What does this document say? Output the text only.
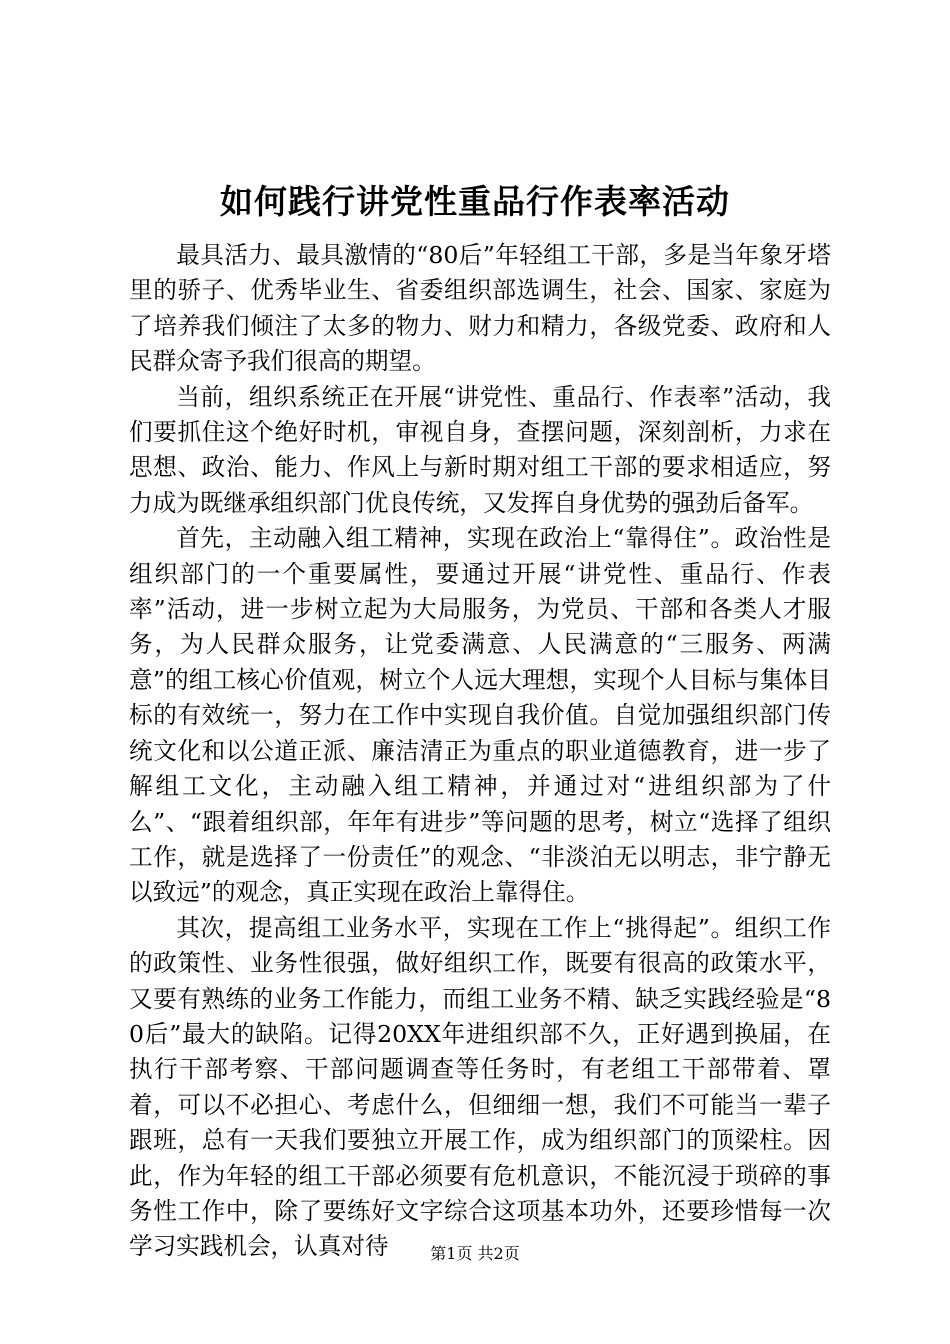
如何践行讲党性重品行作表率活动

最具活力、最具激情的“80后”年轻组工干部，多是当年象牙塔里的骄子、优秀毕业生、省委组织部选调生，社会、国家、家庭为了培养我们倾注了太多的物力、财力和精力，各级党委、政府和人民群众寄予我们很高的期望。

当前，组织系统正在开展“讲党性、重品行、作表率”活动，我们要抓住这个绝好时机，审视自身，查摆问题，深刻剖析，力求在思想、政治、能力、作风上与新时期对组工干部的要求相适应，努力成为既继承组织部门优良传统，又发挥自身优势的强劲后备军。

首先，主动融入组工精神，实现在政治上“靠得住”。政治性是组织部门的一个重要属性，要通过开展“讲党性、重品行、作表率”活动，进一步树立起为大局服务，为党员、干部和各类人才服务，为人民群众服务，让党委满意、人民满意的“三服务、两满意”的组工核心价值观，树立个人远大理想，实现个人目标与集体目标的有效统一，努力在工作中实现自我价值。自觉加强组织部门传统文化和以公道正派、廉洁清正为重点的职业道德教育，进一步了解组工文化，主动融入组工精神，并通过对“进组织部为了什么”、“跟着组织部，年年有进步”等问题的思考，树立“选择了组织工作，就是选择了一份责任”的观念、“非淡泊无以明志，非宁静无以致远”的观念，真正实现在政治上靠得住。

其次，提高组工业务水平，实现在工作上“挑得起”。组织工作的政策性、业务性很强，做好组织工作，既要有很高的政策水平，又要有熟练的业务工作能力，而组工业务不精、缺乏实践经验是“80后”最大的缺陷。记得20XX年进组织部不久，正好遇到换届，在执行干部考察、干部问题调查等任务时，有老组工干部带着、罩着，可以不必担心、考虑什么，但细细一想，我们不可能当一辈子跟班，总有一天我们要独立开展工作，成为组织部门的顶梁柱。因此，作为年轻的组工干部必须要有危机意识，不能沉浸于琐碎的事务性工作中，除了要练好文字综合这项基本功外，还要珍惜每一次学习实践机会，认真对待	第1页 共2页
